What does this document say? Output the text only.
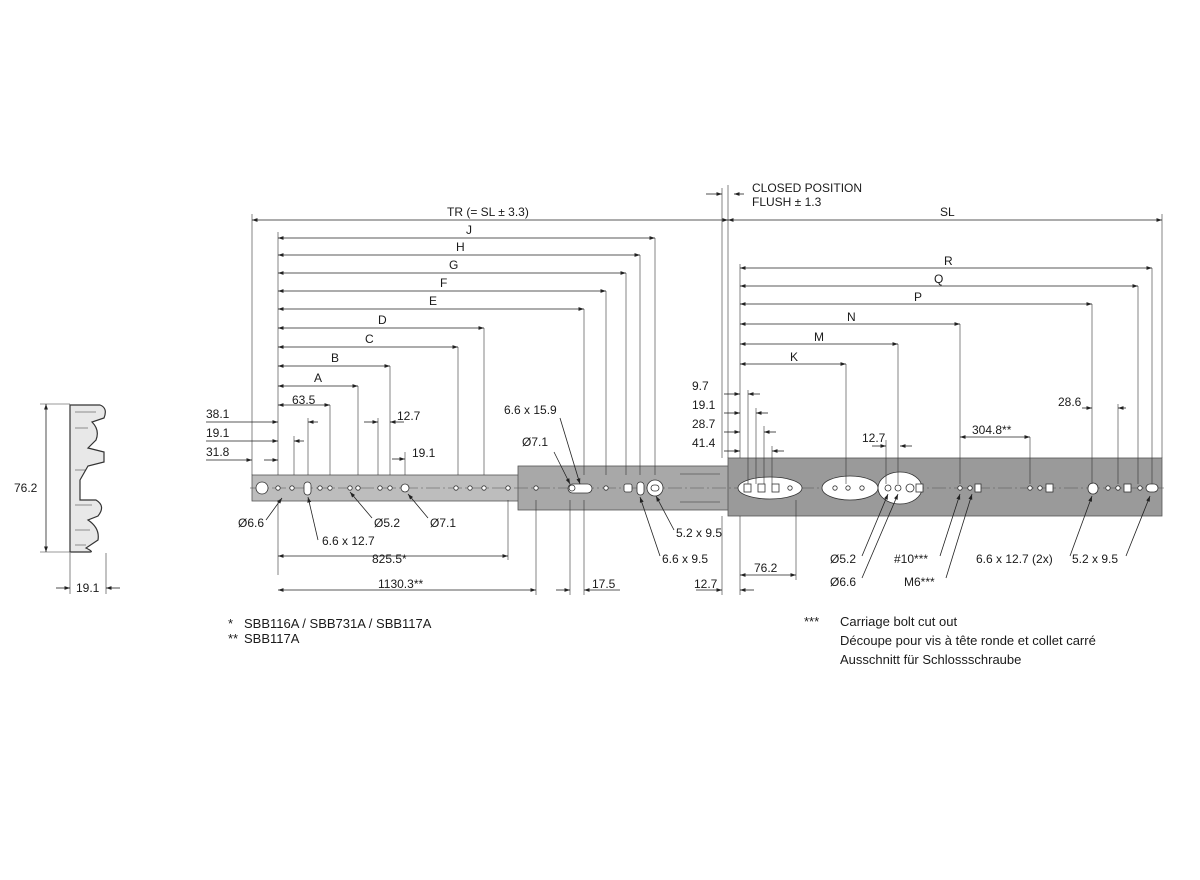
76.2
19.1
TR (= SL ± 3.3)
CLOSED POSITION
FLUSH ± 1.3
SL
J
H
G
F
E
D
C
B
A
63.5
38.1
19.1
31.8
12.7
19.1
6.6 x 15.9
Ø7.1
R
Q
P
N
M
K
9.7
19.1
28.7
41.4	12.7
304.8**
28.6
Ø6.6	Ø5.2 Ø7.1
6.6 x 12.7
825.5*
1130.3**	17.5
5.2 x 9.5
6.6 x 9.5
12.7
76.2
Ø5.2
Ø6.6
#10***
M6***
6.6 x 12.7 (2x) 5.2 x 9.5
* SBB116A / SBB731A / SBB117A
** SBB117A
*** Carriage bolt cut out
Découpe pour vis à tête ronde et collet carré
Ausschnitt für Schlossschraube
